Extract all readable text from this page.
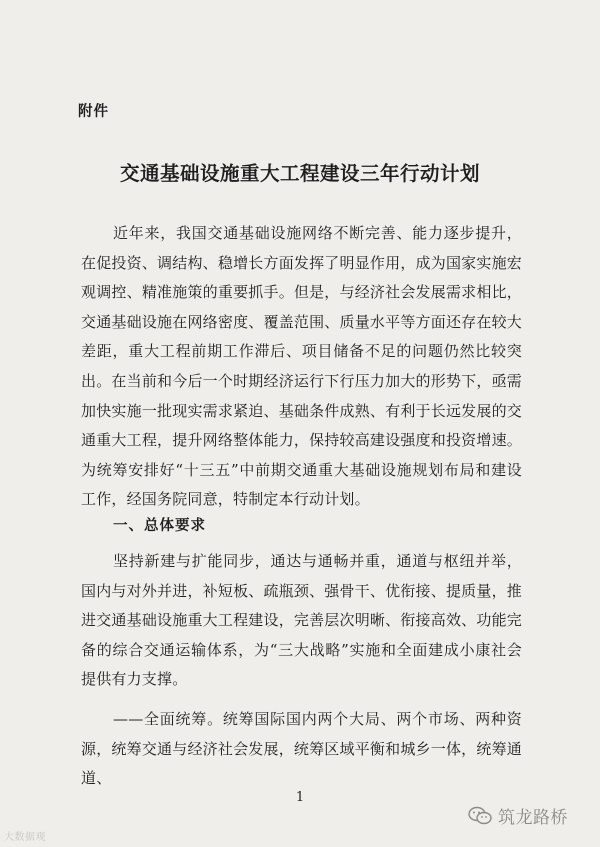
附件
交通基础设施重大工程建设三年行动计划
近年来，我国交通基础设施网络不断完善、能力逐步提升，在促投资、调结构、稳增长方面发挥了明显作用，成为国家实施宏观调控、精准施策的重要抓手。但是，与经济社会发展需求相比，交通基础设施在网络密度、覆盖范围、质量水平等方面还存在较大差距，重大工程前期工作滞后、项目储备不足的问题仍然比较突出。在当前和今后一个时期经济运行下行压力加大的形势下，亟需加快实施一批现实需求紧迫、基础条件成熟、有利于长远发展的交通重大工程，提升网络整体能力，保持较高建设强度和投资增速。为统筹安排好“十三五”中前期交通重大基础设施规划布局和建设工作，经国务院同意，特制定本行动计划。
一、总体要求
坚持新建与扩能同步，通达与通畅并重，通道与枢纽并举，国内与对外并进，补短板、疏瓶颈、强骨干、优衔接、提质量，推进交通基础设施重大工程建设，完善层次明晰、衔接高效、功能完备的综合交通运输体系，为“三大战略”实施和全面建成小康社会提供有力支撑。
——全面统筹。统筹国际国内两个大局、两个市场、两种资源，统筹交通与经济社会发展，统筹区域平衡和城乡一体，统筹通道、
1
大数据观
筑龙路桥
